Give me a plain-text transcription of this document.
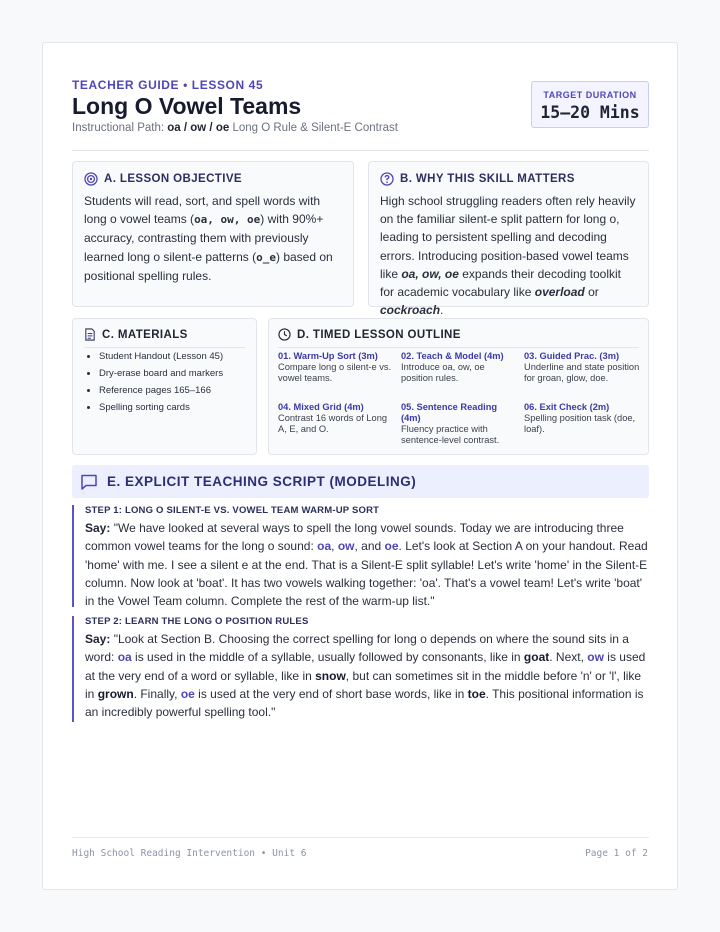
TEACHER GUIDE • LESSON 45
Long O Vowel Teams
Instructional Path: oa / ow / oe Long O Rule & Silent-E Contrast
TARGET DURATION
15–20 Mins
A. LESSON OBJECTIVE
Students will read, sort, and spell words with long o vowel teams (oa, ow, oe) with 90%+ accuracy, contrasting them with previously learned long o silent-e patterns (o_e) based on positional spelling rules.
B. WHY THIS SKILL MATTERS
High school struggling readers often rely heavily on the familiar silent-e split pattern for long o, leading to persistent spelling and decoding errors. Introducing position-based vowel teams like oa, ow, oe expands their decoding toolkit for academic vocabulary like overload or cockroach.
C. MATERIALS
• Student Handout (Lesson 45)
• Dry-erase board and markers
• Reference pages 165–166
• Spelling sorting cards
D. TIMED LESSON OUTLINE
01. Warm-Up Sort (3m)
Compare long o silent-e vs. vowel teams.
02. Teach & Model (4m)
Introduce oa, ow, oe position rules.
03. Guided Prac. (3m)
Underline and state position for groan, glow, doe.
04. Mixed Grid (4m)
Contrast 16 words of Long A, E, and O.
05. Sentence Reading (4m)
Fluency practice with sentence-level contrast.
06. Exit Check (2m)
Spelling position task (doe, loaf).
E. EXPLICIT TEACHING SCRIPT (MODELING)
STEP 1: LONG O SILENT-E VS. VOWEL TEAM WARM-UP SORT
Say: "We have looked at several ways to spell the long vowel sounds. Today we are introducing three common vowel teams for the long o sound: oa, ow, and oe. Let's look at Section A on your handout. Read 'home' with me. I see a silent e at the end. That is a Silent-E split syllable! Let's write 'home' in the Silent-E column. Now look at 'boat'. It has two vowels walking together: 'oa'. That's a vowel team! Let's write 'boat' in the Vowel Team column. Complete the rest of the warm-up list."
STEP 2: LEARN THE LONG O POSITION RULES
Say: "Look at Section B. Choosing the correct spelling for long o depends on where the sound sits in a word: oa is used in the middle of a syllable, usually followed by consonants, like in goat. Next, ow is used at the very end of a word or syllable, like in snow, but can sometimes sit in the middle before 'n' or 'l', like in grown. Finally, oe is used at the very end of short base words, like in toe. This positional information is an incredibly powerful spelling tool."
High School Reading Intervention • Unit 6	Page 1 of 2
